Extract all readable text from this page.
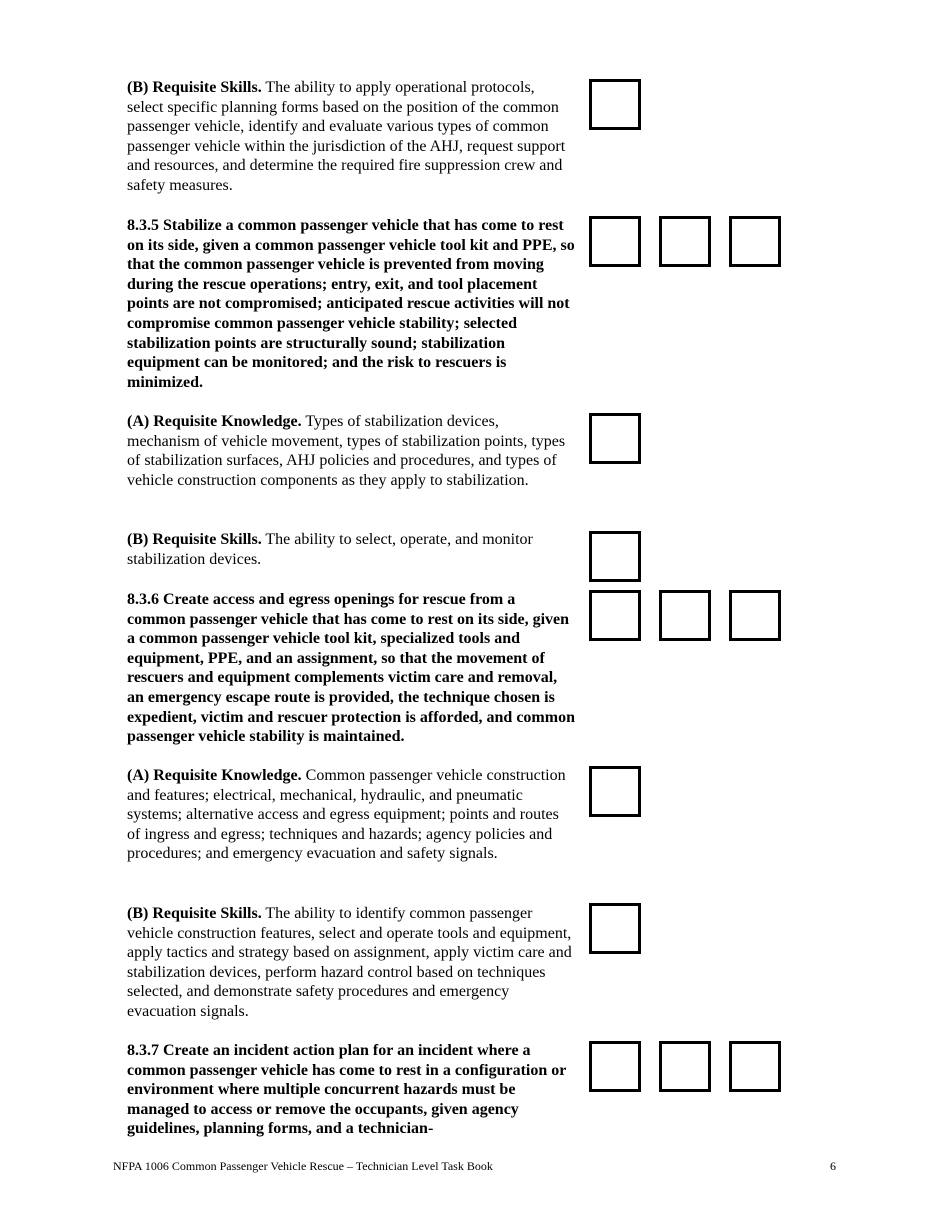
(B) Requisite Skills. The ability to apply operational protocols, select specific planning forms based on the position of the common passenger vehicle, identify and evaluate various types of common passenger vehicle within the jurisdiction of the AHJ, request support and resources, and determine the required fire suppression crew and safety measures.

8.3.5 Stabilize a common passenger vehicle that has come to rest on its side, given a common passenger vehicle tool kit and PPE, so that the common passenger vehicle is prevented from moving during the rescue operations; entry, exit, and tool placement points are not compromised; anticipated rescue activities will not compromise common passenger vehicle stability; selected stabilization points are structurally sound; stabilization equipment can be monitored; and the risk to rescuers is minimized.

(A) Requisite Knowledge. Types of stabilization devices, mechanism of vehicle movement, types of stabilization points, types of stabilization surfaces, AHJ policies and procedures, and types of vehicle construction components as they apply to stabilization.

(B) Requisite Skills. The ability to select, operate, and monitor stabilization devices.

8.3.6 Create access and egress openings for rescue from a common passenger vehicle that has come to rest on its side, given a common passenger vehicle tool kit, specialized tools and equipment, PPE, and an assignment, so that the movement of rescuers and equipment complements victim care and removal, an emergency escape route is provided, the technique chosen is expedient, victim and rescuer protection is afforded, and common passenger vehicle stability is maintained.

(A) Requisite Knowledge. Common passenger vehicle construction and features; electrical, mechanical, hydraulic, and pneumatic systems; alternative access and egress equipment; points and routes of ingress and egress; techniques and hazards; agency policies and procedures; and emergency evacuation and safety signals.

(B) Requisite Skills. The ability to identify common passenger vehicle construction features, select and operate tools and equipment, apply tactics and strategy based on assignment, apply victim care and stabilization devices, perform hazard control based on techniques selected, and demonstrate safety procedures and emergency evacuation signals.

8.3.7 Create an incident action plan for an incident where a common passenger vehicle has come to rest in a configuration or environment where multiple concurrent hazards must be managed to access or remove the occupants, given agency guidelines, planning forms, and a technician-

NFPA 1006 Common Passenger Vehicle Rescue – Technician Level Task Book	6
